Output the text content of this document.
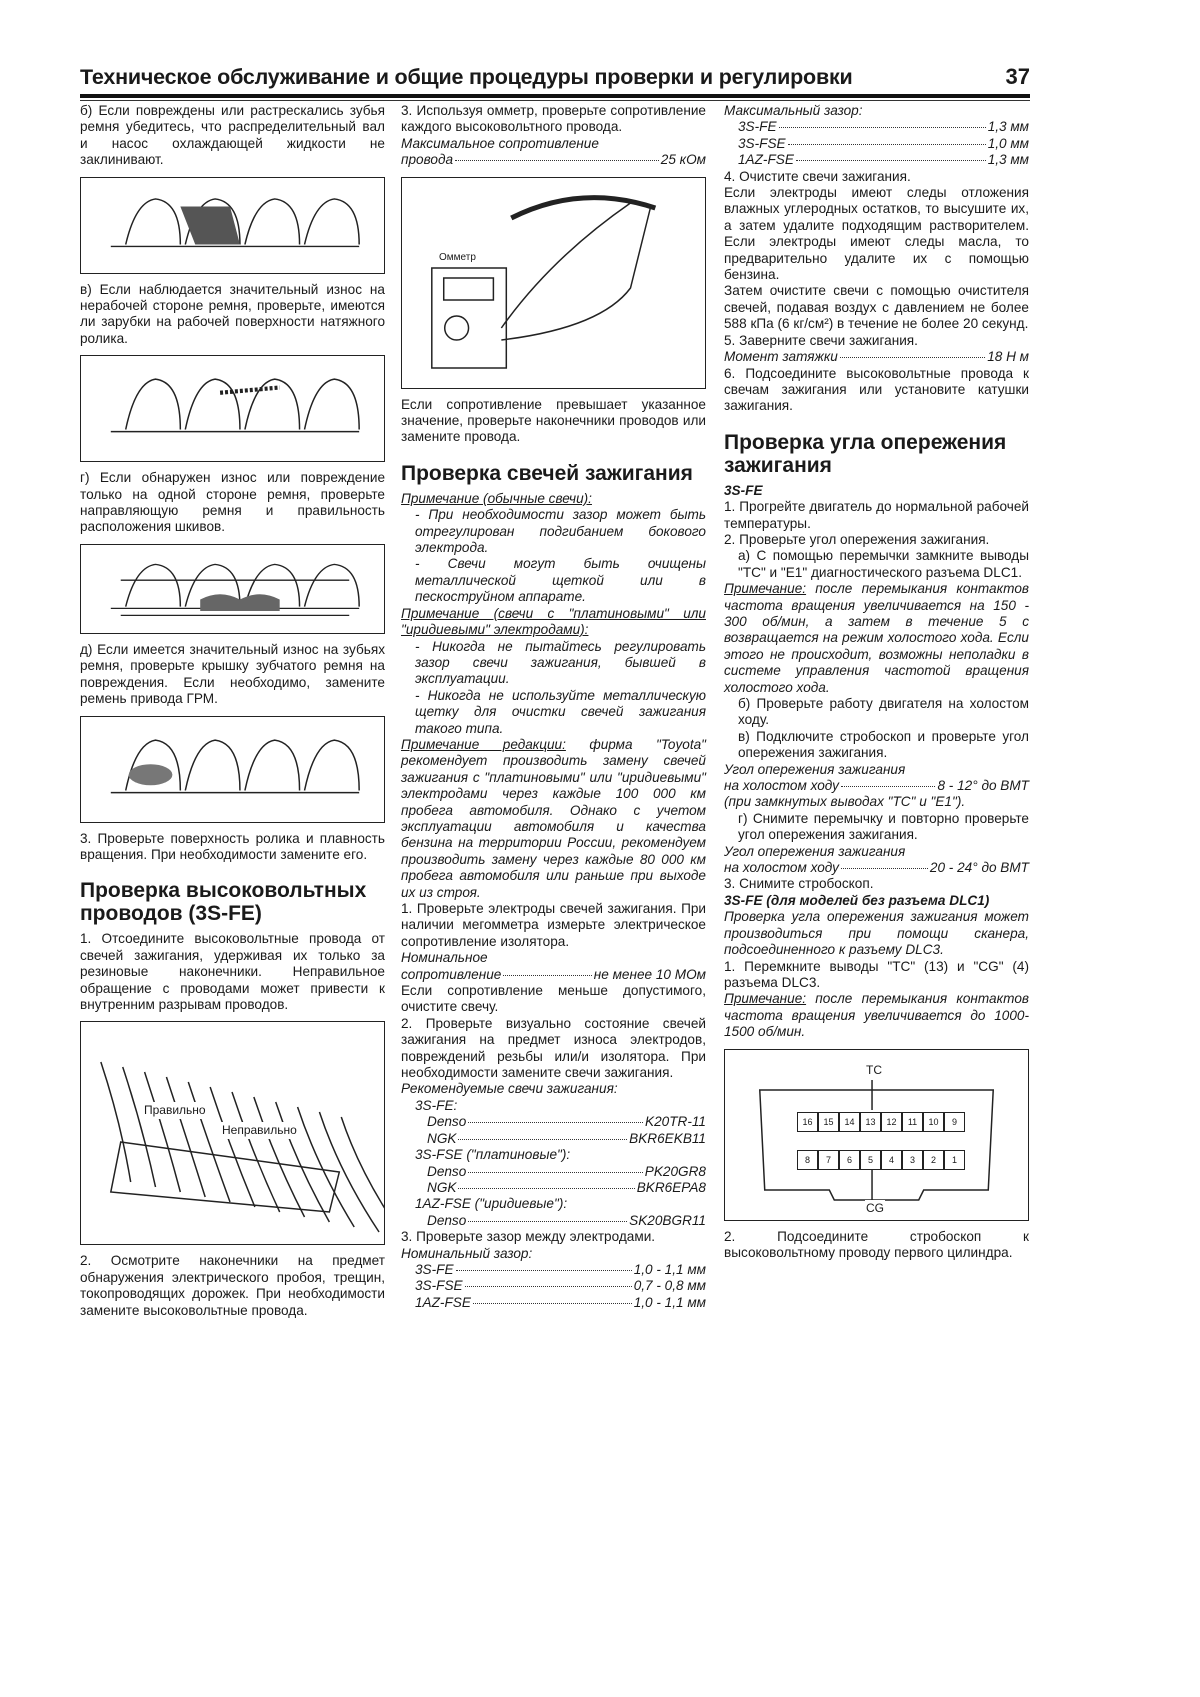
Техническое обслуживание и общие процедуры проверки и регулировки	37

б) Если повреждены или растрескались зубья ремня убедитесь, что распределительный вал и насос охлаждающей жидкости не заклинивают.

в) Если наблюдается значительный износ на нерабочей стороне ремня, проверьте, имеются ли зарубки на рабочей поверхности натяжного ролика.

г) Если обнаружен износ или повреждение только на одной стороне ремня, проверьте направляющую ремня и правильность расположения шкивов.

д) Если имеется значительный износ на зубьях ремня, проверьте крышку зубчатого ремня на повреждения. Если необходимо, замените ремень привода ГРМ.

3. Проверьте поверхность ролика и плавность вращения. При необходимости замените его.

Проверка высоковольтных проводов (3S-FE)

1. Отсоедините высоковольтные провода от свечей зажигания, удерживая их только за резиновые наконечники. Неправильное обращение с проводами может привести к внутренним разрывам проводов.

Правильно
Неправильно

2. Осмотрите наконечники на предмет обнаружения электрического пробоя, трещин, токопроводящих дорожек. При необходимости замените высоковольтные провода.

3. Используя омметр, проверьте сопротивление каждого высоковольтного провода.

Максимальное сопротивление

провода	25 кОм
Омметр

Если сопротивление превышает указанное значение, проверьте наконечники проводов или замените провода.

Проверка свечей зажигания

Примечание (обычные свечи):

- При необходимости зазор может быть отрегулирован подгибанием бокового электрода.

- Свечи могут быть очищены металлической щеткой или в пескоструйном аппарате.

Примечание (свечи с "платиновыми" или "иридиевыми" электродами):

- Никогда не пытайтесь регулировать зазор свечи зажигания, бывшей в эксплуатации.

- Никогда не используйте металлическую щетку для очистки свечей зажигания такого типа.

Примечание редакции: фирма "Toyota" рекомендует производить замену свечей зажигания с "платиновыми" или "иридиевыми" электродами через каждые 100 000 км пробега автомобиля. Однако с учетом эксплуатации автомобиля и качества бензина на территории России, рекомендуем производить замену через каждые 80 000 км пробега автомобиля или раньше при выходе их из строя.

1. Проверьте электроды свечей зажигания. При наличии мегомметра измерьте электрическое сопротивление изолятора.

Номинальное

сопротивление	не менее 10 МОм

Если сопротивление меньше допустимого, очистите свечу.

2. Проверьте визуально состояние свечей зажигания на предмет износа электродов, повреждений резьбы или/и изолятора. При необходимости замените свечи зажигания.

Рекомендуемые свечи зажигания:

3S-FE:

Denso	K20TR-11
NGK	BKR6EKB11

3S-FSE ("платиновые"):

Denso	PK20GR8
NGK	BKR6EPA8

1AZ-FSE ("иридиевые"):

Denso	SK20BGR11

3. Проверьте зазор между электродами.

Номинальный зазор:

3S-FE	1,0 - 1,1 мм
3S-FSE	0,7 - 0,8 мм
1AZ-FSE	1,0 - 1,1 мм

Максимальный зазор:

3S-FE	1,3 мм
3S-FSE	1,0 мм
1AZ-FSE	1,3 мм

4. Очистите свечи зажигания.

Если электроды имеют следы отложения влажных углеродных остатков, то высушите их, а затем удалите подходящим растворителем. Если электроды имеют следы масла, то предварительно удалите их с помощью бензина.

Затем очистите свечи с помощью очистителя свечей, подавая воздух с давлением не более 588 кПа (6 кг/см²) в течение не более 20 секунд.

5. Заверните свечи зажигания.

Момент затяжки	18 Н м

6. Подсоедините высоковольтные провода к свечам зажигания или установите катушки зажигания.

Проверка угла опережения зажигания

3S-FE

1. Прогрейте двигатель до нормальной рабочей температуры.

2. Проверьте угол опережения зажигания.

а) С помощью перемычки замкните выводы "TC" и "E1" диагностического разъема DLC1.

Примечание: после перемыкания контактов частота вращения увеличивается на 150 - 300 об/мин, а затем в течение 5 с возвращается на режим холостого хода. Если этого не происходит, возможны неполадки в системе управления частотой вращения холостого хода.

б) Проверьте работу двигателя на холостом ходу.

в) Подключите стробоскоп и проверьте угол опережения зажигания.

Угол опережения зажигания

на холостом ходу	8 - 12° до ВМТ

(при замкнутых выводах "TC" и "E1").

г) Снимите перемычку и повторно проверьте угол опережения зажигания.

Угол опережения зажигания

на холостом ходу	20 - 24° до ВМТ

3. Снимите стробоскоп.

3S-FE (для моделей без разъема DLC1)

Проверка угла опережения зажигания может производиться при помощи сканера, подсоединенного к разъему DLC3.

1. Перемкните выводы "TC" (13) и "CG" (4) разъема DLC3.

Примечание: после перемыкания контактов частота вращения увеличивается до 1000-1500 об/мин.

TC
CG
16	15	14	13	12	11	10	9
8	7	6	5	4	3	2	1

2. Подсоедините стробоскоп к высоковольтному проводу первого цилиндра.
